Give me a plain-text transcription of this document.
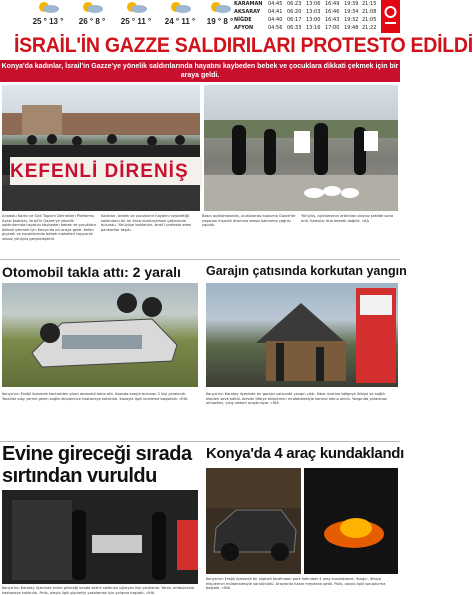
25 ° 13 °	26 ° 8 °	25 ° 11 °	24 ° 11 °	19 ° 8 °
KARAMAN 04:45 06:23 13:06 16:49 19:39 21:15
AKSARAY 04:41 06:20 13:03 16:46 19:34 21:08
NİĞDE	04:40 06:17 13:00 16:43 19:32 21:05
AFYON	04:56 06:33 13:16 17:00 19:48 21:22
İSRAİL'İN GAZZE SALDIRILARI PROTESTO EDİLDİ
Konya'da kadınlar, İsrail'in Gazze'ye yönelik saldırılarında hayatını kaybeden bebek ve çocuklara dikkati çekmek için bir araya geldi.
KEFENLİ DİRENİŞ
Anadolu Kadın ve Sivil Toplum Dernekleri Platformu üyesi kadınlar, İsrail'in Gazze'ye yönelik saldırılarında hayatını kaybeden bebek ve çocuklara dikkati çekmek için Konya'da bir araya geldi. Kefen giyerek ve kucaklarında bebek maketleri taşıyarak sessiz yürüyüş gerçekleştirdi.
Kadınlar, bebek ve çocukların hayatını kaybettiği saldırıların bir an önce durdurulması çağrısında bulundu. Yürüyüşe katılanlar, İsrail'i protesto eden pankartlar taşıdı.
Basın açıklamasında, uluslararası topluma Gazze'de yaşanan insanlık dramına sessiz kalmama çağrısı yapıldı.
Yürüyüş, açıklamanın ardından olaysız şekilde sona erdi. Kadınlar dua ederek dağıldı. »AA
Otomobil takla attı: 2 yaralı
Konya'nın Ereğli ilçesinde kontrolden çıkan otomobil takla attı. Kazada araçta bulunan 2 kişi yaralandı. Yaralılar olay yerine gelen sağlık ekiplerince hastaneye kaldırıldı. Kazayla ilgili inceleme başlatıldı. »İHA
Garajın çatısında korkutan yangın
Konya'nın Karatay ilçesinde bir garajın çatısında yangın çıktı. İhbar üzerine bölgeye itfaiye ve sağlık ekipleri sevk edildi. Alevler itfaiye ekiplerinin müdahalesiyle kontrol altına alındı. Yangında yaralanan olmazken, çıkış nedeni araştırılıyor. »İHA
Evine gireceği sırada sırtından vuruldu
Konya'nın Karatay ilçesinde evine gireceği sırada silahlı saldırıya uğrayan kişi yaralandı. Yaralı, ambulansla hastaneye kaldırıldı. Polis, olayla ilgili şüpheliyi yakalamak için çalışma başlattı. »İHA
Konya'da 4 araç kundaklandı
Konya'nın Ereğli ilçesinde bir şüpheli tarafından park halindeki 4 araç kundaklandı. Yangın, itfaiye ekiplerinin müdahalesiyle söndürüldü. Araçlarda hasar meydana geldi. Polis, olayla ilgili soruşturma başlattı. »İHA
